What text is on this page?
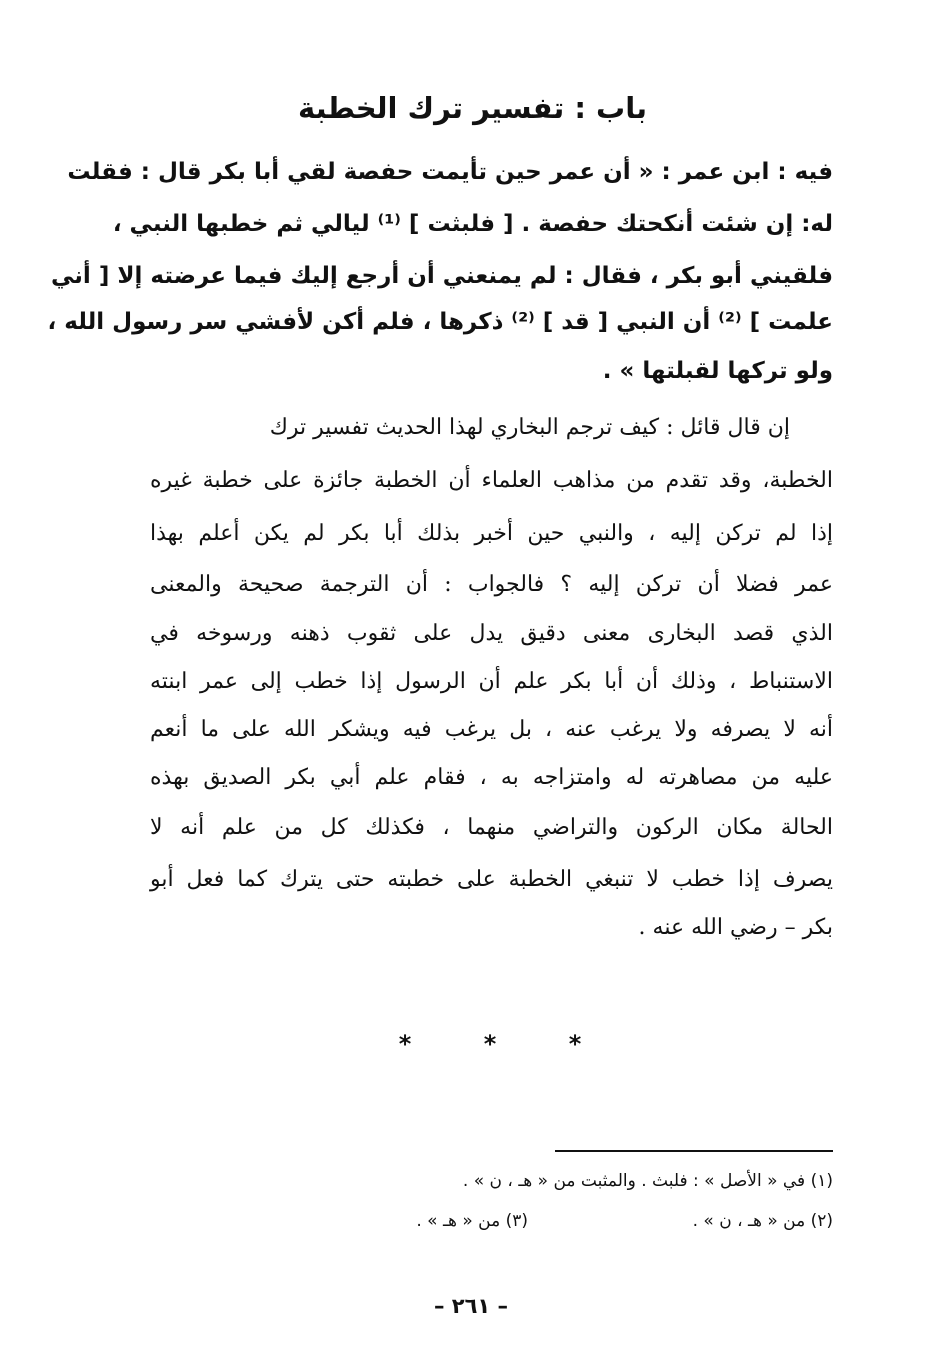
باب : تفسير ترك الخطبة
فيه : ابن عمر : « أن عمر حين تأيمت حفصة لقي أبا بكر قال : فقلت
له: إن شئت أنكحتك حفصة . [ فلبثت ] ⁽¹⁾ ليالي ثم خطبها النبي ،
فلقيني أبو بكر ، فقال : لم يمنعني أن أرجع إليك فيما عرضته إلا [ أني
علمت ] ⁽²⁾ أن النبي [ قد ] ⁽²⁾ ذكرها ، فلم أكن لأفشي سر رسول الله ،
ولو تركها لقبلتها » .
إن قال قائل : كيف ترجم البخاري لهذا الحديث تفسير ترك
الخطبة، وقد تقدم من مذاهب العلماء أن الخطبة جائزة على خطبة غيره
إذا لم تركن إليه ، والنبي حين أخبر بذلك أبا بكر لم يكن أعلم بهذا
عمر فضلا أن تركن إليه ؟ فالجواب : أن الترجمة صحيحة والمعنى
الذي قصد البخارى معنى دقيق يدل على ثقوب ذهنه ورسوخه في
الاستنباط ، وذلك أن أبا بكر علم أن الرسول إذا خطب إلى عمر ابنته
أنه لا يصرفه ولا يرغب عنه ، بل يرغب فيه ويشكر الله على ما أنعم
عليه من مصاهرته له وامتزاجه به ، فقام علم أبي بكر الصديق بهذه
الحالة مكان الركون والتراضي منهما ، فكذلك كل من علم أنه لا
يصرف إذا خطب لا تنبغي الخطبة على خطبته حتى يترك كما فعل أبو
بكر – رضي الله عنه .
*
*
*
(١) في « الأصل » : فلبث . والمثبت من « هـ ، ن » .
(٢) من « هـ ، ن » .
(٣) من « هـ » .
– ٢٦١ –
